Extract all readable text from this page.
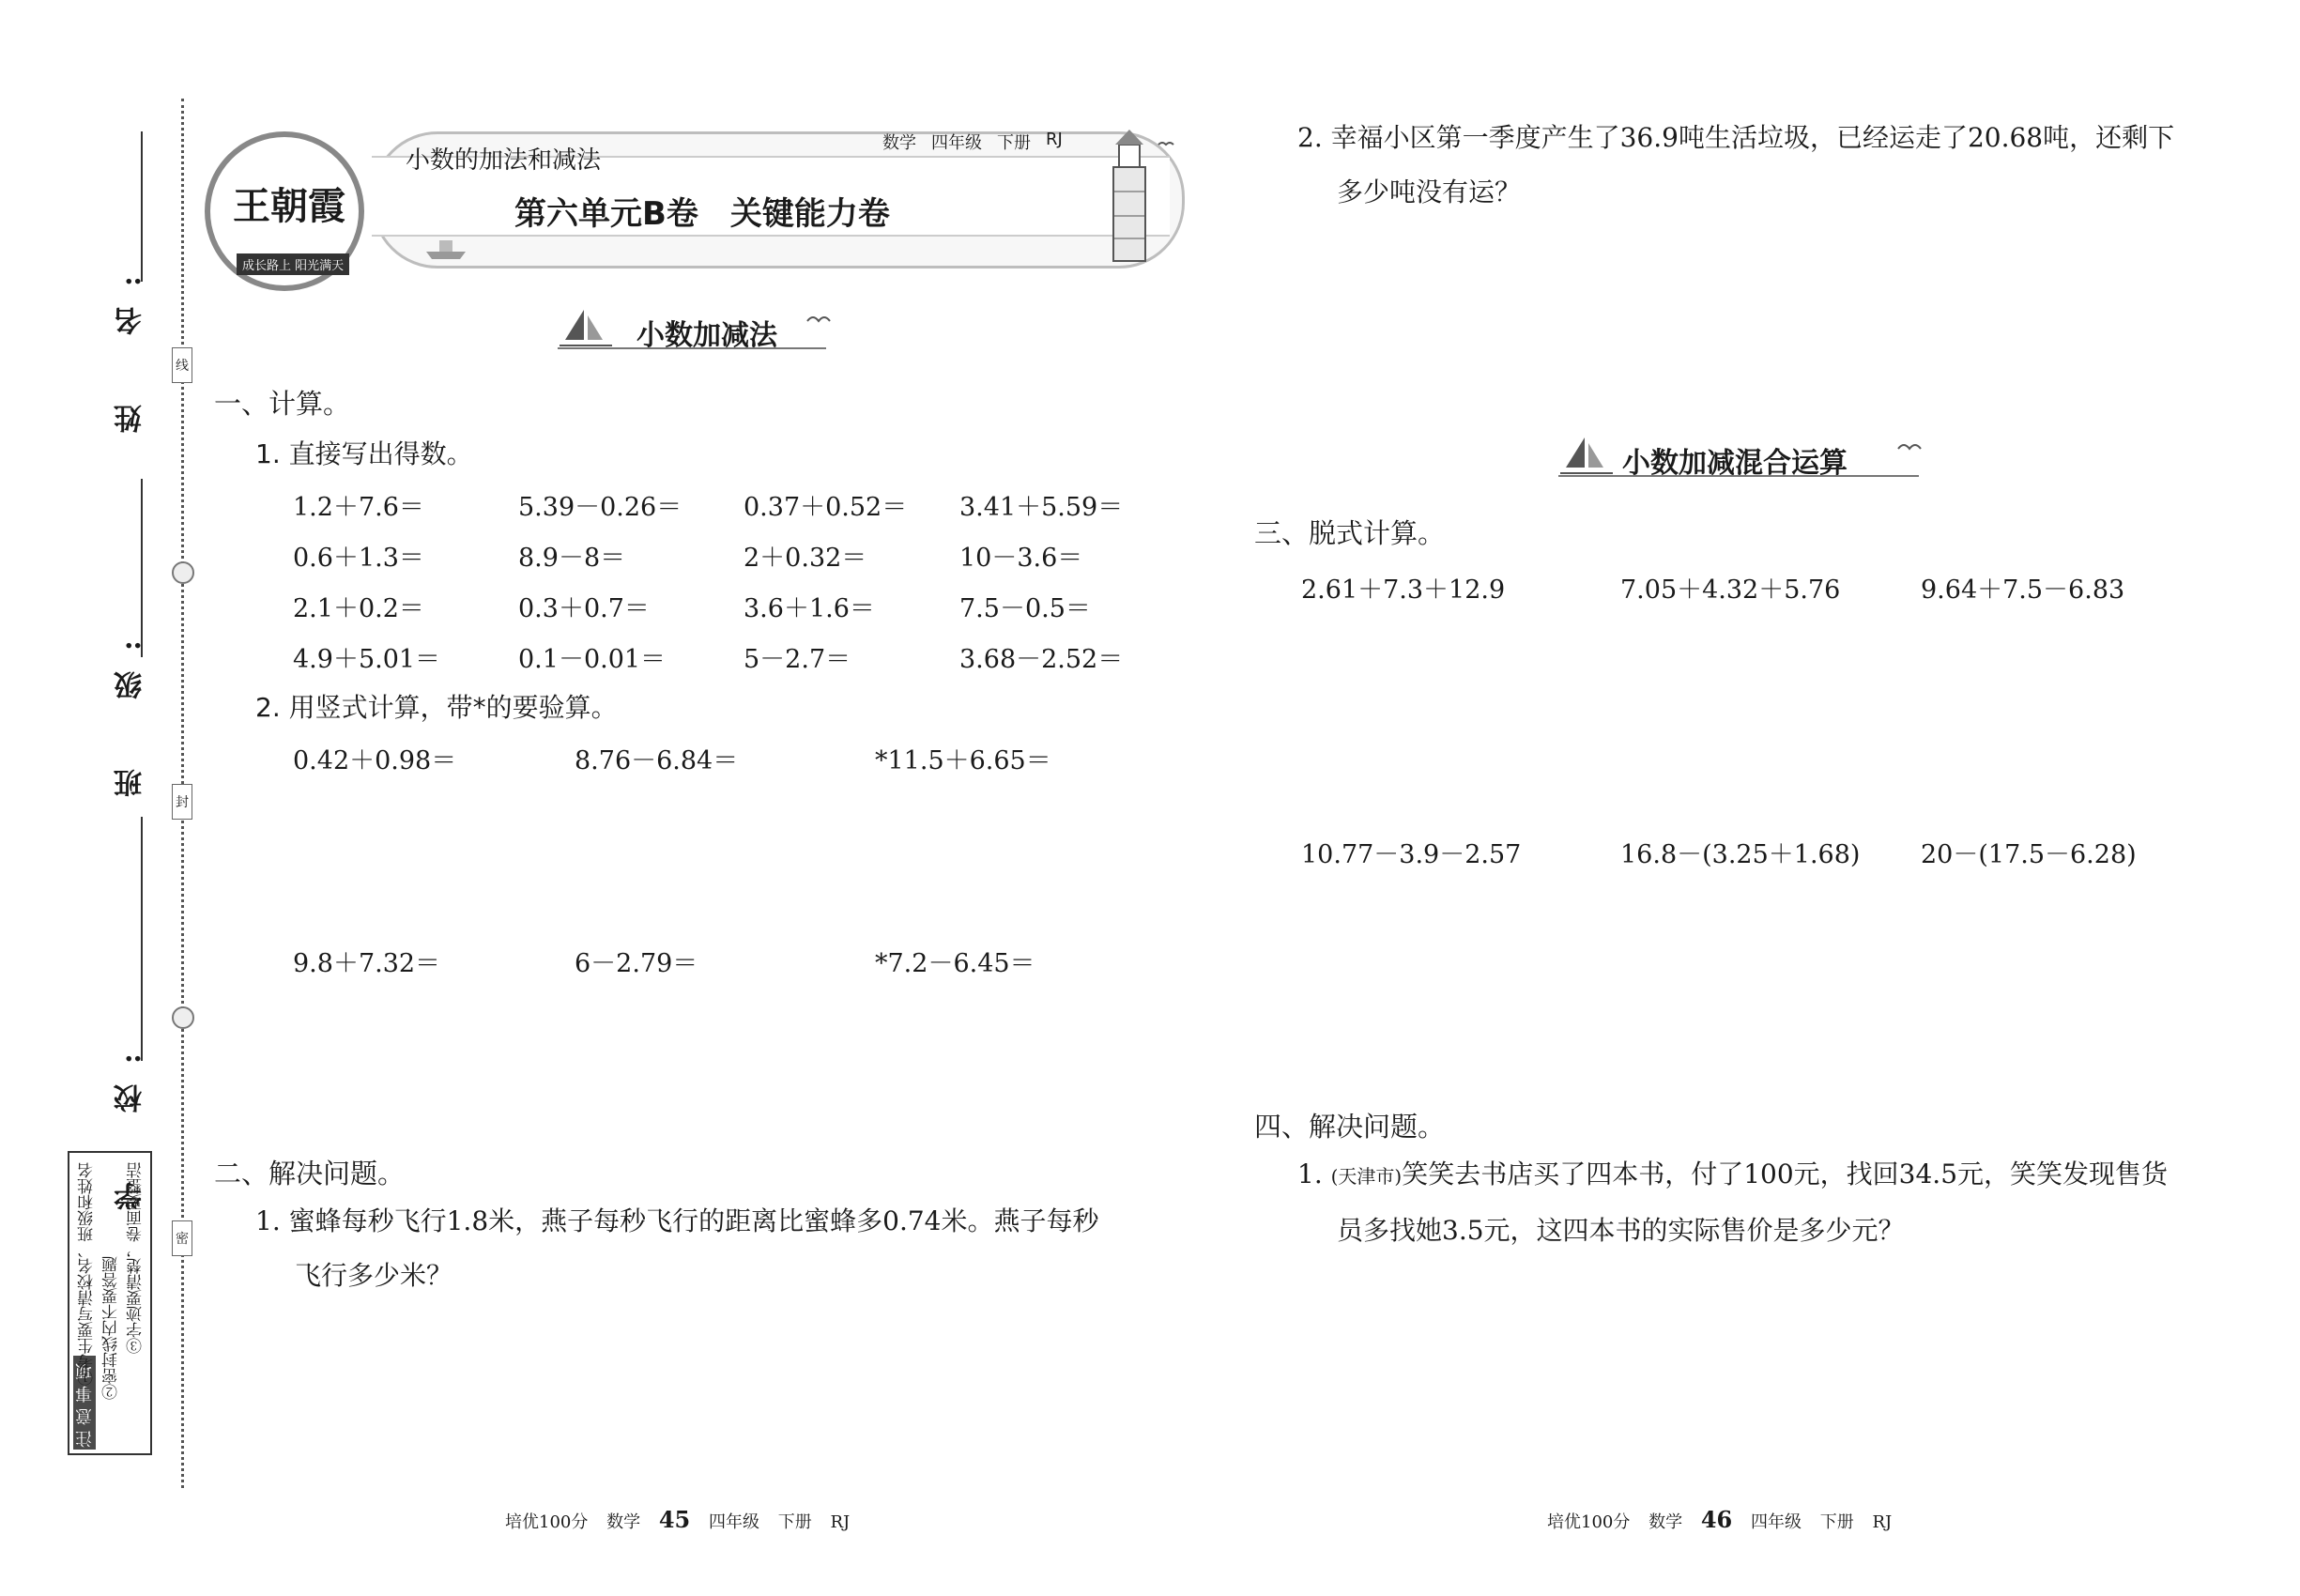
姓　名:
班　级:
学　校:
线
封
密
注意事项
①考生要写清校名、班级和姓名 ②密封线内不要答题 ③字迹要清楚，卷面要整洁
王朝霞
成长路上 阳光满天
小数的加法和减法
数学 四年级 下册 RJ
第六单元B卷　关键能力卷
小数加减法
一、计算。
1. 直接写出得数。
1.2＋7.6＝	5.39－0.26＝ 0.37＋0.52＝ 3.41＋5.59＝
0.6＋1.3＝	8.9－8＝	2＋0.32＝	10－3.6＝
2.1＋0.2＝	0.3＋0.7＝	3.6＋1.6＝	7.5－0.5＝
4.9＋5.01＝	0.1－0.01＝	5－2.7＝	3.68－2.52＝
2. 用竖式计算，带*的要验算。
0.42＋0.98＝	8.76－6.84＝	*11.5＋6.65＝
9.8＋7.32＝	6－2.79＝	*7.2－6.45＝
二、解决问题。
1. 蜜蜂每秒飞行1.8米，燕子每秒飞行的距离比蜜蜂多0.74米。燕子每秒
飞行多少米？
培优100分 数学 45 四年级 下册 RJ
2. 幸福小区第一季度产生了36.9吨生活垃圾，已经运走了20.68吨，还剩下
多少吨没有运？
小数加减混合运算
三、脱式计算。
2.61＋7.3＋12.9	7.05＋4.32＋5.76	9.64＋7.5－6.83
10.77－3.9－2.57	16.8－(3.25＋1.68) 20－(17.5－6.28)
四、解决问题。
1. (天津市)笑笑去书店买了四本书，付了100元，找回34.5元，笑笑发现售货
员多找她3.5元，这四本书的实际售价是多少元？
培优100分 数学 46 四年级 下册 RJ
